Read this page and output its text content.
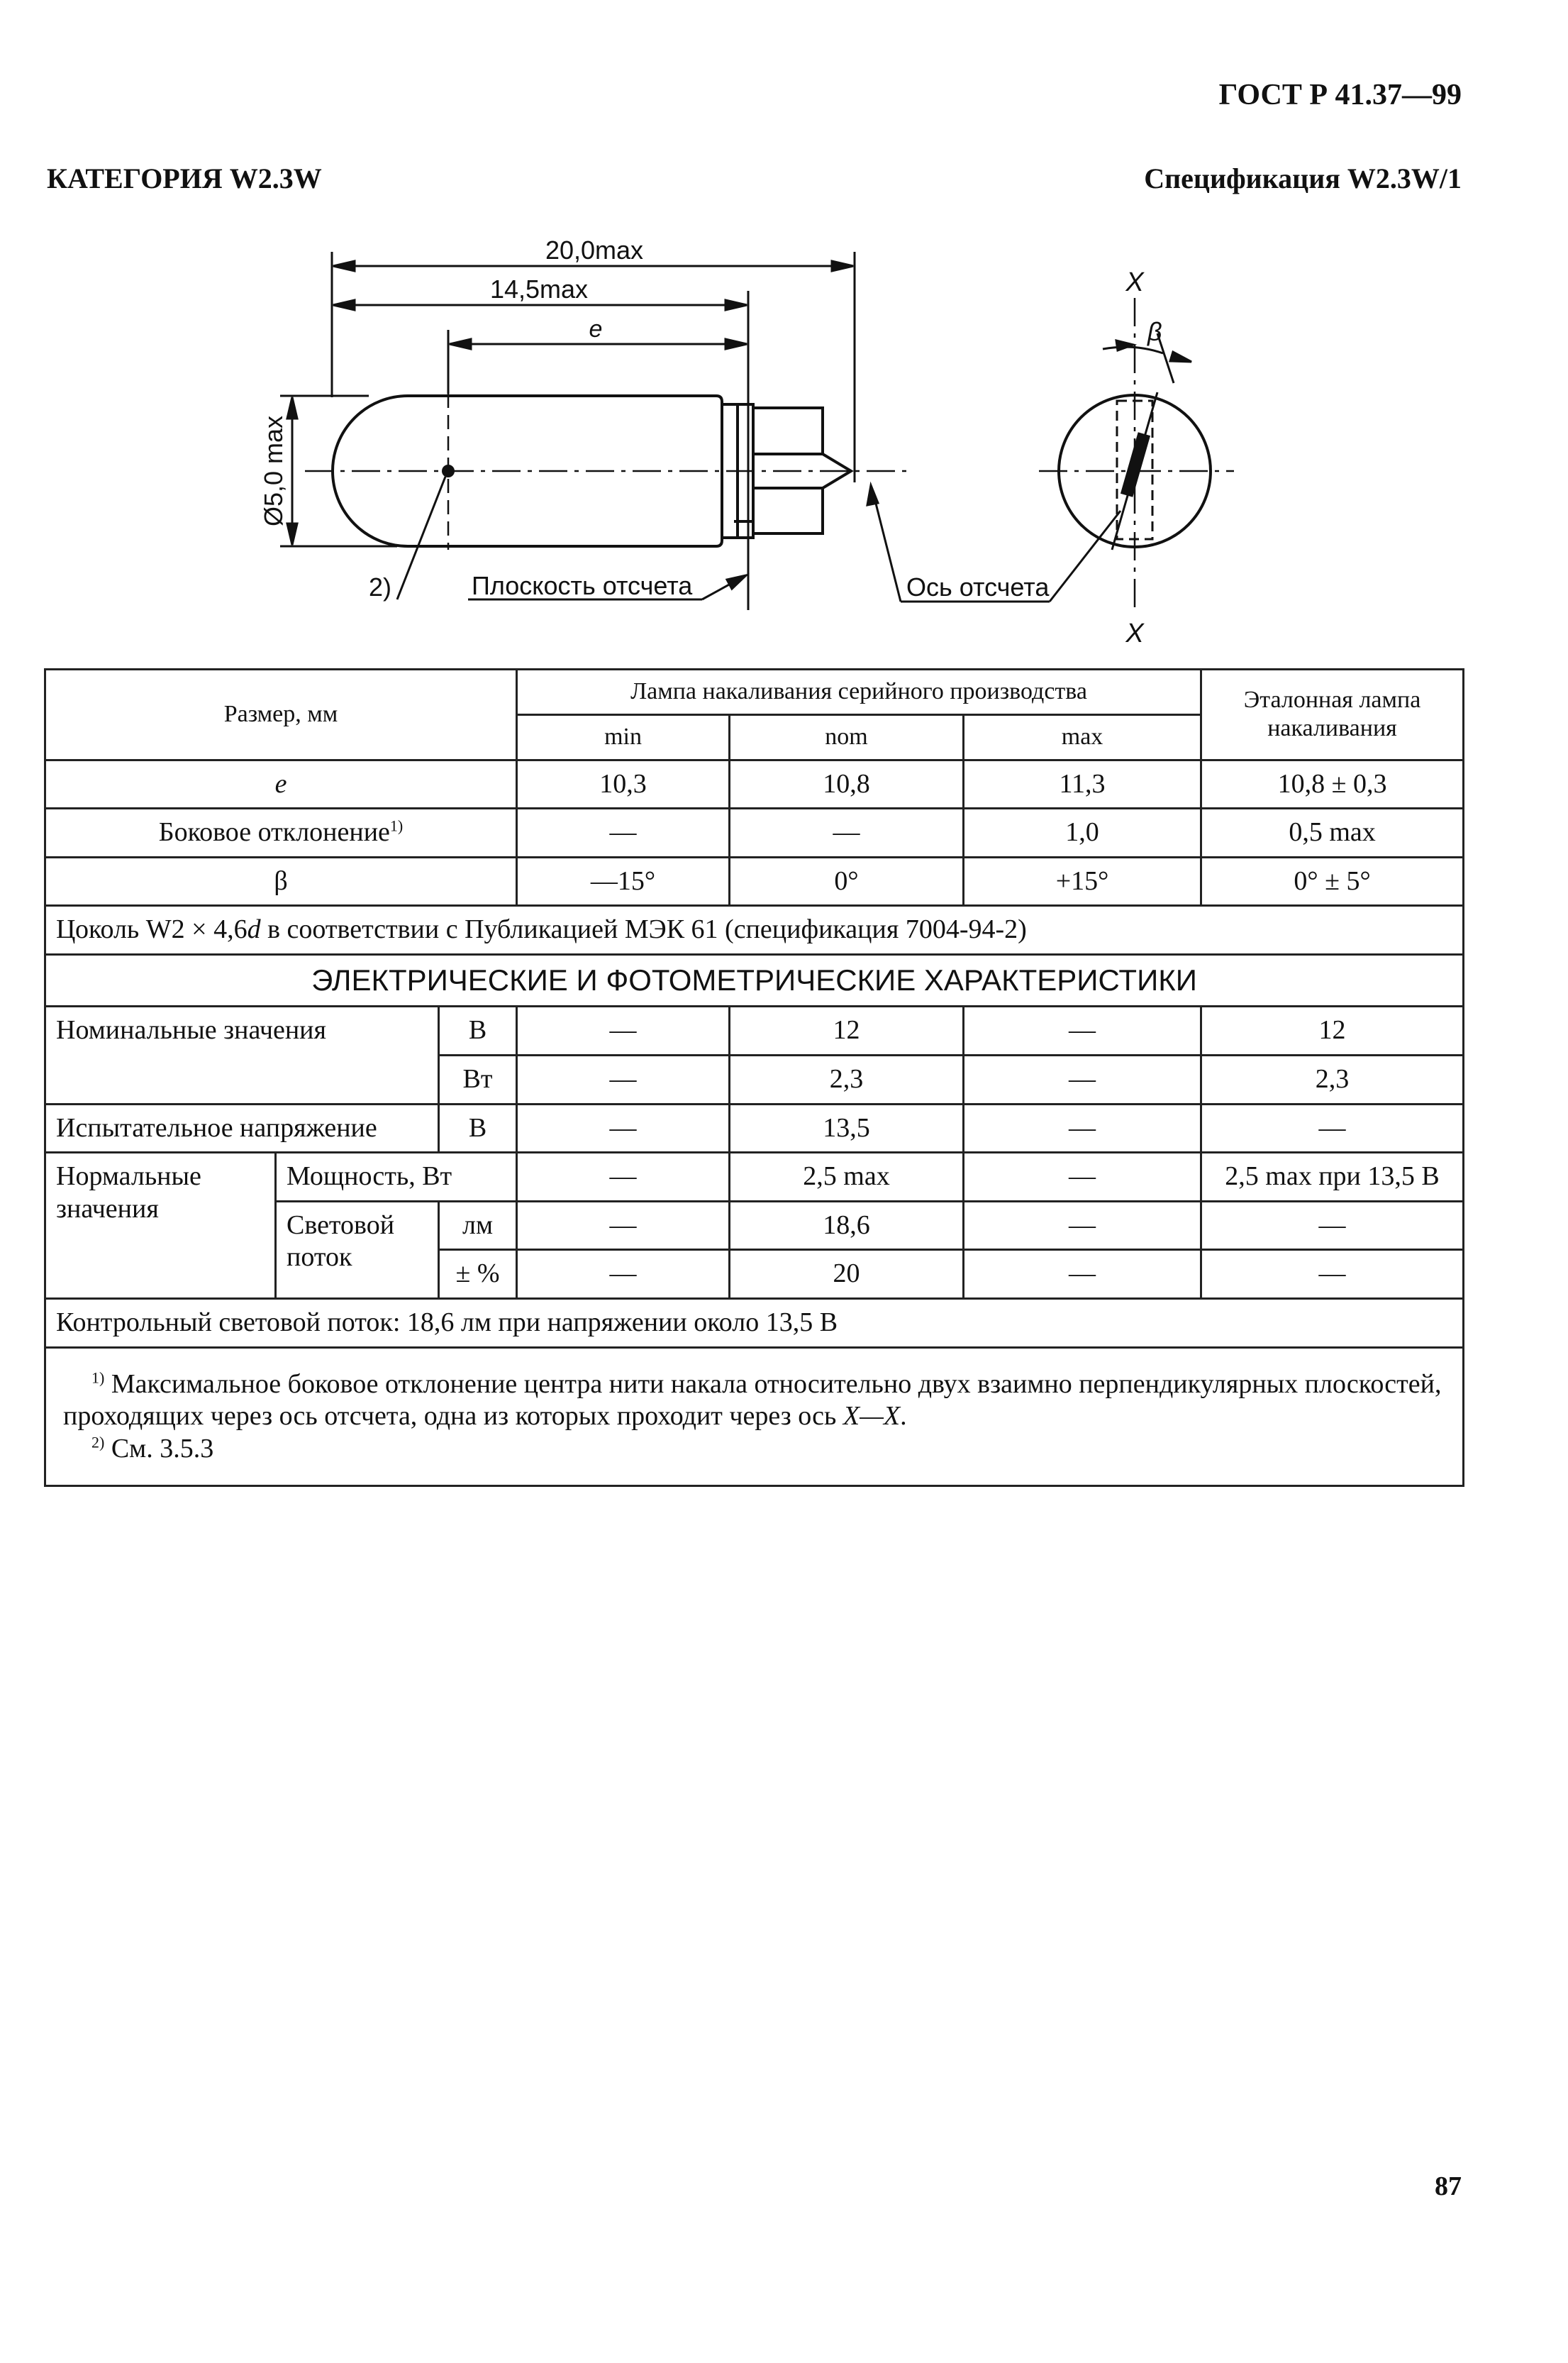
ГОСТ Р 41.37—99
КАТЕГОРИЯ W2.3W	Спецификация W2.3W/1
20,0max
14,5max
e
Ø5,0 max
2)	Плоскость отсчета	Ось отсчета
X
X
β
Размер, мм			Лампа накаливания серийного производства			Эталонная лампа накаливания
			min	nom	max	
e			10,3	10,8	11,3	10,8 ± 0,3
Боковое отклонение$^{1)}$			—	—	1,0	0,5 max
β			—15°	0°	+15°	0° ± 5°
Цоколь W2 × 4,6d в соответствии с Публикацией МЭК 61 (спецификация 7004-94-2)						
ЭЛЕКТРИЧЕСКИЕ И ФОТОМЕТРИЧЕСКИЕ ХАРАКТЕРИСТИКИ						
Номинальные значения		В	—	12	—	12
		Вт	—	2,3	—	2,3
Испытательное напряжение		В	—	13,5	—	—
Нормальные значения	Мощность, Вт		—	2,5 max	—	2,5 max при 13,5 В
	Световой поток	лм	—	18,6	—	—
		± %	—	20	—	—
Контрольный световой поток: 18,6 лм при напряжении около 13,5 В						

$^{1)}$ Максимальное боковое отклонение центра нити накала относительно двух взаимно перпендикулярных плоскостей, проходящих через ось отсчета, одна из которых проходит через ось X—X.
$^{2)}$ См. 3.5.3						
87
